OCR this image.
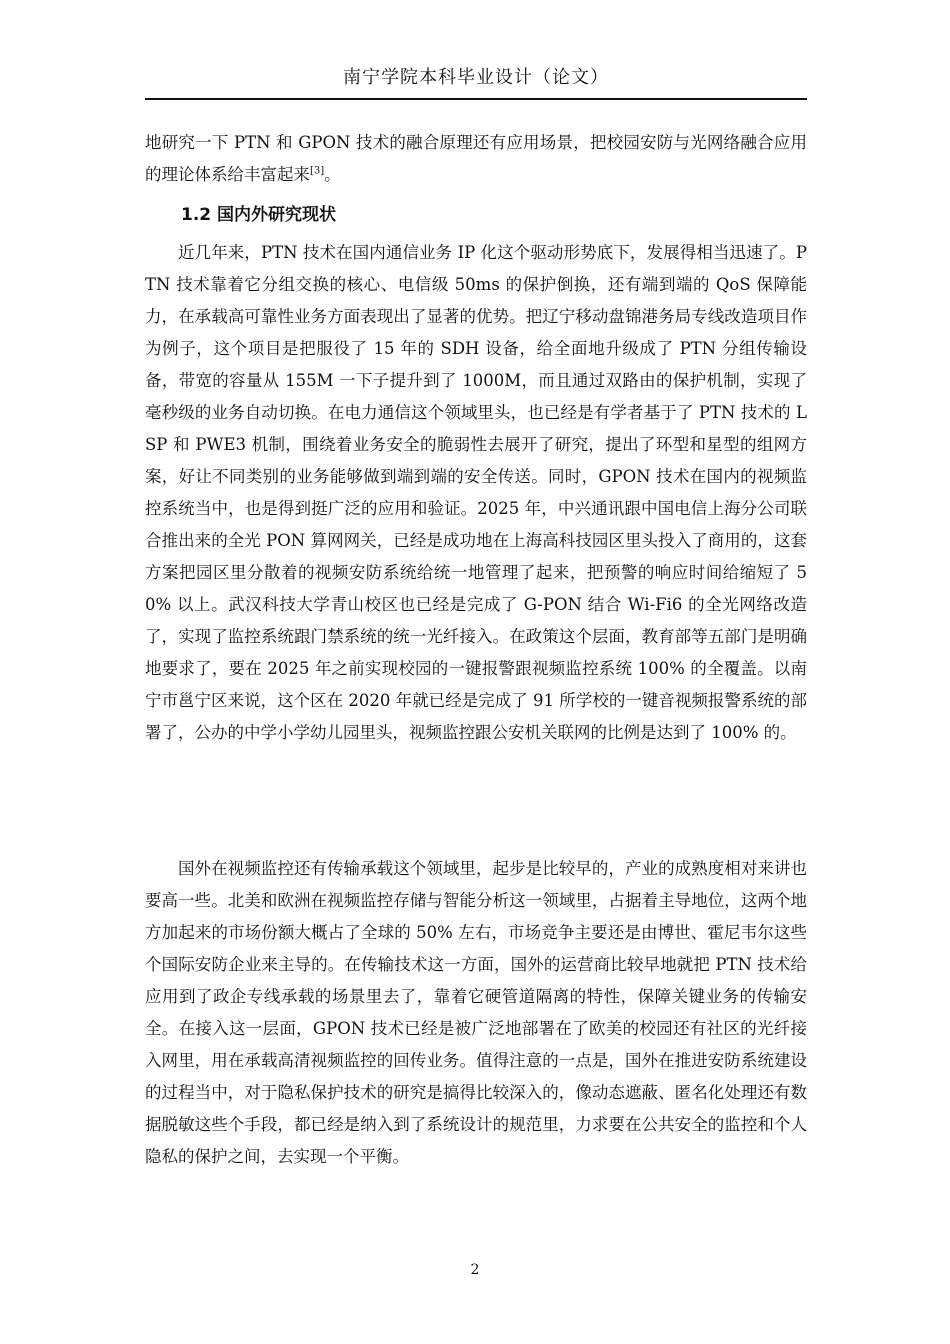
南宁学院本科毕业设计（论文）
地研究一下 PTN 和 GPON 技术的融合原理还有应用场景，把校园安防与光网络融合应用的理论体系给丰富起来[3]。
1.2 国内外研究现状
近几年来，PTN 技术在国内通信业务 IP 化这个驱动形势底下，发展得相当迅速了。PTN 技术靠着它分组交换的核心、电信级 50ms 的保护倒换，还有端到端的 QoS 保障能力，在承载高可靠性业务方面表现出了显著的优势。把辽宁移动盘锦港务局专线改造项目作为例子，这个项目是把服役了 15 年的 SDH 设备，给全面地升级成了 PTN 分组传输设备，带宽的容量从 155M 一下子提升到了 1000M，而且通过双路由的保护机制，实现了毫秒级的业务自动切换。在电力通信这个领域里头，也已经是有学者基于了 PTN 技术的 LSP 和 PWE3 机制，围绕着业务安全的脆弱性去展开了研究，提出了环型和星型的组网方案，好让不同类别的业务能够做到端到端的安全传送。同时，GPON 技术在国内的视频监控系统当中，也是得到挺广泛的应用和验证。2025 年，中兴通讯跟中国电信上海分公司联合推出来的全光 PON 算网网关，已经是成功地在上海高科技园区里头投入了商用的，这套方案把园区里分散着的视频安防系统给统一地管理了起来，把预警的响应时间给缩短了 50% 以上。武汉科技大学青山校区也已经是完成了 G-PON 结合 Wi-Fi6 的全光网络改造了，实现了监控系统跟门禁系统的统一光纤接入。在政策这个层面，教育部等五部门是明确地要求了，要在 2025 年之前实现校园的一键报警跟视频监控系统 100% 的全覆盖。以南宁市邕宁区来说，这个区在 2020 年就已经是完成了 91 所学校的一键音视频报警系统的部署了，公办的中学小学幼儿园里头，视频监控跟公安机关联网的比例是达到了 100% 的。
国外在视频监控还有传输承载这个领域里，起步是比较早的，产业的成熟度相对来讲也要高一些。北美和欧洲在视频监控存储与智能分析这一领域里，占据着主导地位，这两个地方加起来的市场份额大概占了全球的 50% 左右，市场竞争主要还是由博世、霍尼韦尔这些个国际安防企业来主导的。在传输技术这一方面，国外的运营商比较早地就把 PTN 技术给应用到了政企专线承载的场景里去了，靠着它硬管道隔离的特性，保障关键业务的传输安全。在接入这一层面，GPON 技术已经是被广泛地部署在了欧美的校园还有社区的光纤接入网里，用在承载高清视频监控的回传业务。值得注意的一点是，国外在推进安防系统建设的过程当中，对于隐私保护技术的研究是搞得比较深入的，像动态遮蔽、匿名化处理还有数据脱敏这些个手段，都已经是纳入到了系统设计的规范里，力求要在公共安全的监控和个人隐私的保护之间，去实现一个平衡。
2
